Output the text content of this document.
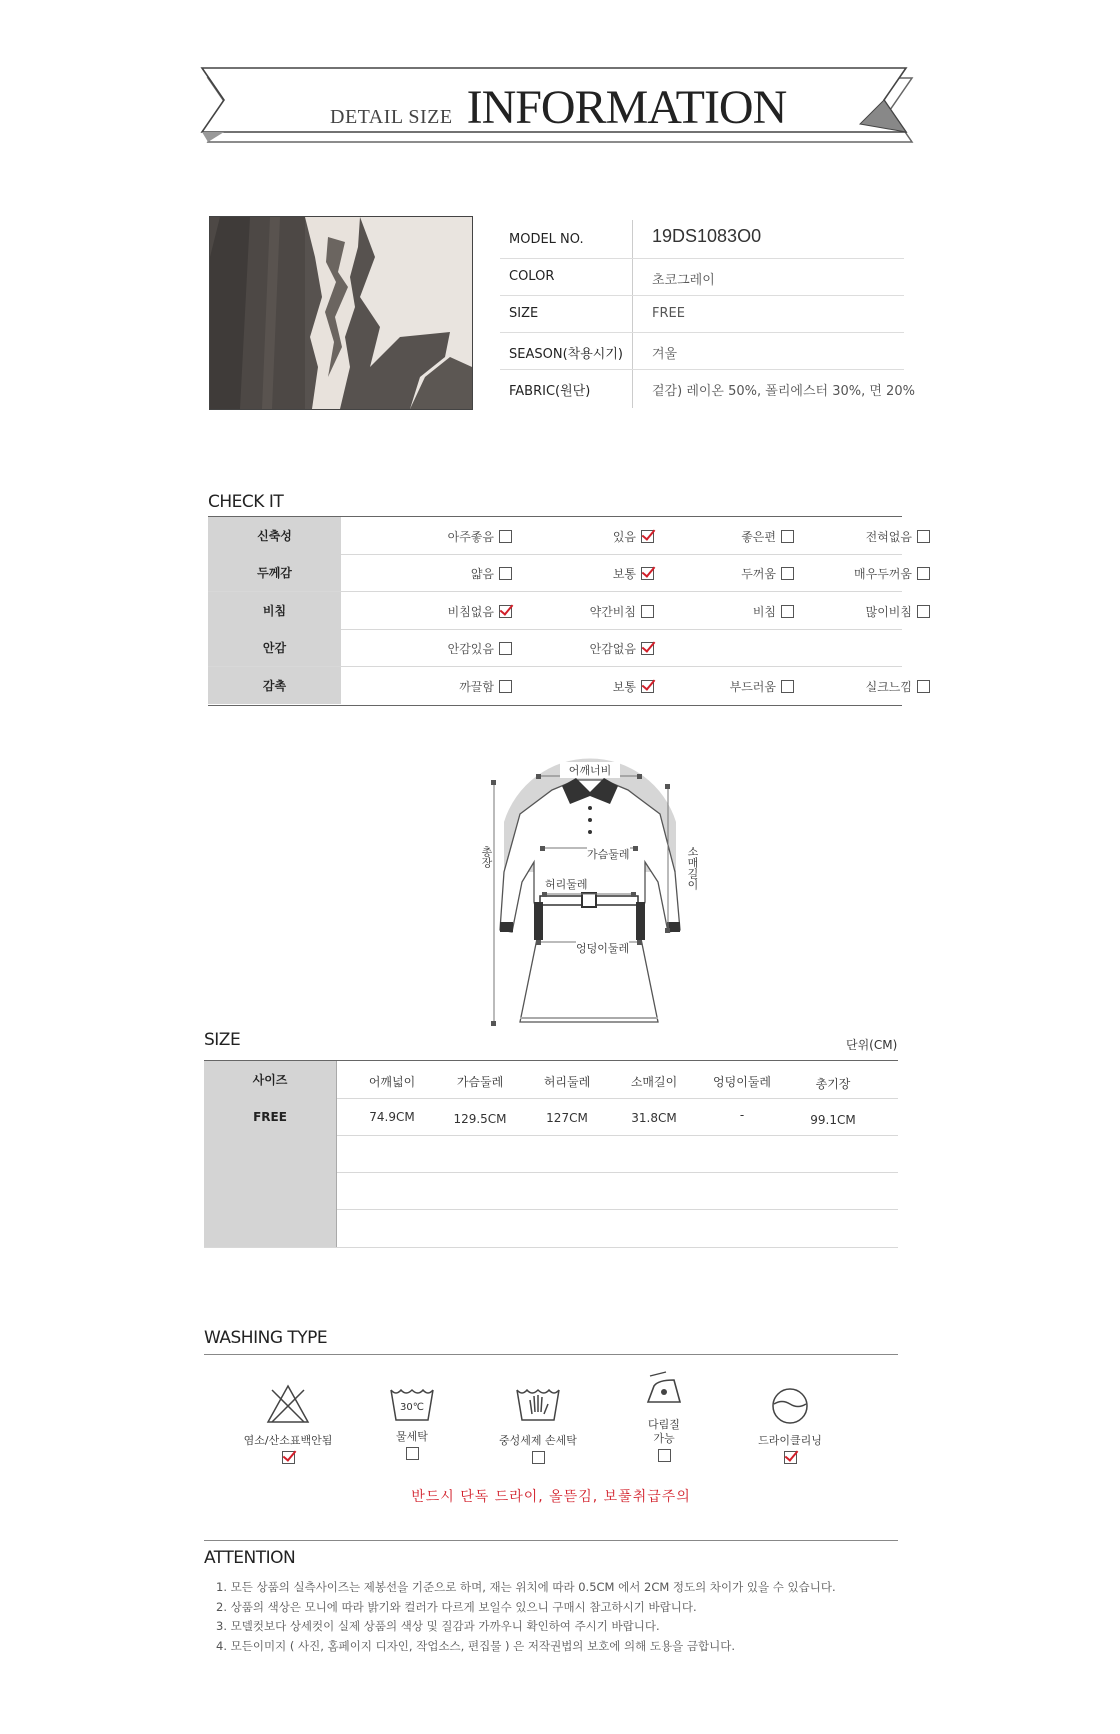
DETAIL SIZE INFORMATION
MODEL NO.	19DS1083O0
COLOR	초코그레이
SIZE	FREE
SEASON(착용시기) 겨울
FABRIC(원단)	겉감) 레이온 50%, 폴리에스터 30%, 면 20%
CHECK IT
신축성	아주좋음	있음	좋은편	전혀없음
두께감	얇음	보통	두꺼움	매우두꺼움
비침	비침없음	약간비침	비침	많이비침
안감	안감있음	안감없음
감촉	까끌함	보통	부드러움	실크느낌
어깨너비
가슴둘레
허리둘레
엉덩이둘레
총장	소매길이
SIZE	단위(CM)
사이즈	어깨넓이	가슴둘레	허리둘레	소매길이	엉덩이둘레	총기장
FREE	74.9CM	129.5CM	127CM	31.8CM	-	99.1CM
WASHING TYPE
염소/산소표백안됨
30℃
물세탁	중성세제 손세탁
다림질
가능	드라이클리닝
반드시 단독 드라이, 올뜯김, 보풀취급주의
ATTENTION
1. 모든 상품의 실측사이즈는 제봉선을 기준으로 하며, 재는 위치에 따라 0.5CM 에서 2CM 정도의 차이가 있을 수 있습니다.
2. 상품의 색상은 모니에 따라 밝기와 컬러가 다르게 보일수 있으니 구매시 참고하시기 바랍니다.
3. 모델컷보다 상세컷이 실제 상품의 색상 및 질감과 가까우니 확인하여 주시기 바랍니다.
4. 모든이미지 ( 사진, 홈페이지 디자인, 작업소스, 편집물 ) 은 저작권법의 보호에 의해 도용을 금합니다.
